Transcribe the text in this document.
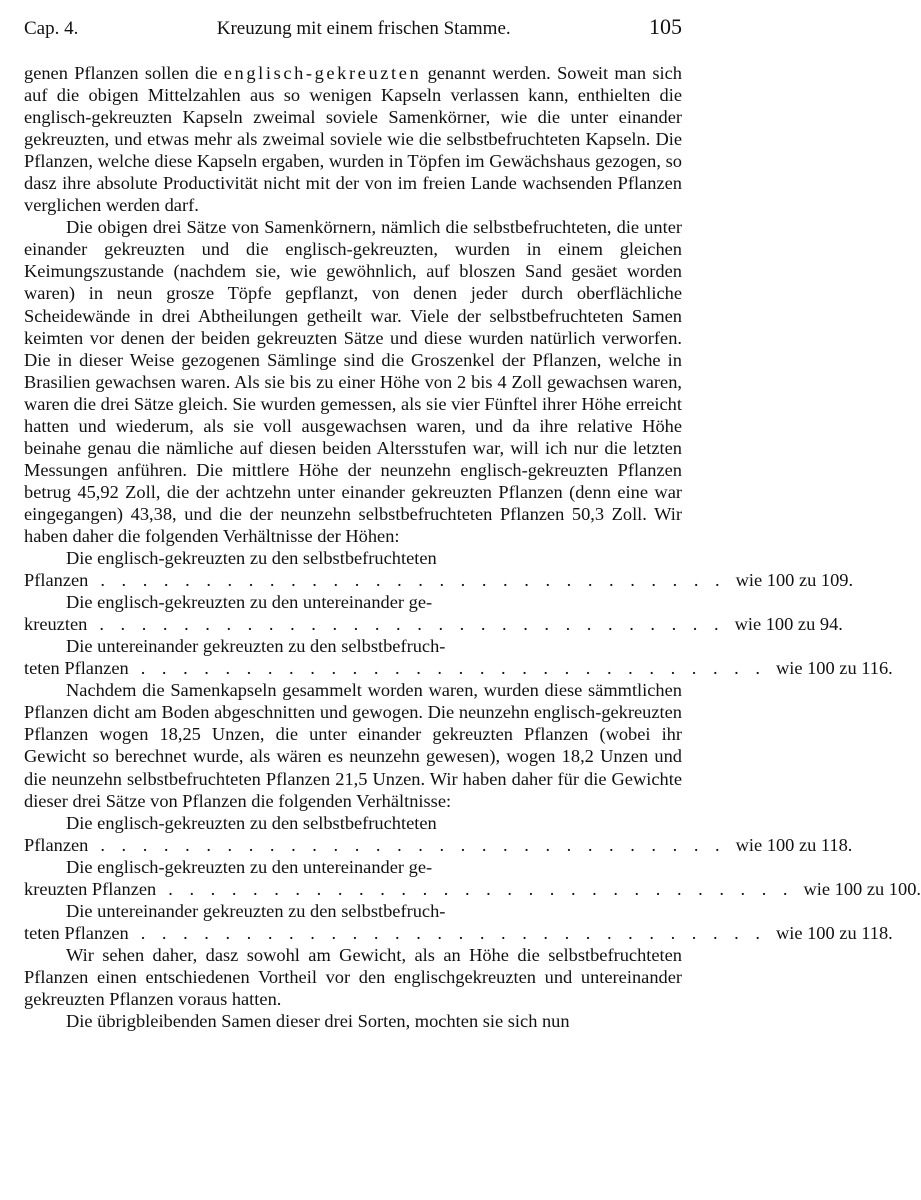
Cap. 4.	Kreuzung mit einem frischen Stamme.	105

genen Pflanzen sollen die englisch-gekreuzten genannt werden. Soweit man sich auf die obigen Mittelzahlen aus so wenigen Kapseln verlassen kann, enthielten die englisch-gekreuzten Kapseln zweimal soviele Samenkörner, wie die unter einander gekreuzten, und etwas mehr als zweimal soviele wie die selbstbefruchteten Kapseln. Die Pflanzen, welche diese Kapseln ergaben, wurden in Töpfen im Gewächshaus gezogen, so dasz ihre absolute Productivität nicht mit der von im freien Lande wachsenden Pflanzen verglichen werden darf.

Die obigen drei Sätze von Samenkörnern, nämlich die selbstbefruchteten, die unter einander gekreuzten und die englisch-gekreuzten, wurden in einem gleichen Keimungszustande (nachdem sie, wie gewöhnlich, auf bloszen Sand gesäet worden waren) in neun grosze Töpfe gepflanzt, von denen jeder durch oberflächliche Scheidewände in drei Abtheilungen getheilt war. Viele der selbstbefruchteten Samen keimten vor denen der beiden gekreuzten Sätze und diese wurden natürlich verworfen. Die in dieser Weise gezogenen Sämlinge sind die Groszenkel der Pflanzen, welche in Brasilien gewachsen waren. Als sie bis zu einer Höhe von 2 bis 4 Zoll gewachsen waren, waren die drei Sätze gleich. Sie wurden gemessen, als sie vier Fünftel ihrer Höhe erreicht hatten und wiederum, als sie voll ausgewachsen waren, und da ihre relative Höhe beinahe genau die nämliche auf diesen beiden Altersstufen war, will ich nur die letzten Messungen anführen. Die mittlere Höhe der neunzehn englisch-gekreuzten Pflanzen betrug 45,92 Zoll, die der achtzehn unter einander gekreuzten Pflanzen (denn eine war eingegangen) 43,38, und die der neunzehn selbstbefruchteten Pflanzen 50,3 Zoll. Wir haben daher die folgenden Verhältnisse der Höhen:

Die englisch-gekreuzten zu den selbstbefruchteten
Pflanzen . . . . . . . . . . . . . . . . . . . . . . . . . . . . . . wie 100 zu 109.
Die englisch-gekreuzten zu den untereinander ge-
kreuzten . . . . . . . . . . . . . . . . . . . . . . . . . . . . . . wie 100 zu 94.
Die untereinander gekreuzten zu den selbstbefruch-
teten Pflanzen . . . . . . . . . . . . . . . . . . . . . . . . . . . . . . wie 100 zu 116.

Nachdem die Samenkapseln gesammelt worden waren, wurden diese sämmtlichen Pflanzen dicht am Boden abgeschnitten und gewogen. Die neunzehn englisch-gekreuzten Pflanzen wogen 18,25 Unzen, die unter einander gekreuzten Pflanzen (wobei ihr Gewicht so berechnet wurde, als wären es neunzehn gewesen), wogen 18,2 Unzen und die neunzehn selbstbefruchteten Pflanzen 21,5 Unzen. Wir haben daher für die Gewichte dieser drei Sätze von Pflanzen die folgenden Verhältnisse:

Die englisch-gekreuzten zu den selbstbefruchteten
Pflanzen . . . . . . . . . . . . . . . . . . . . . . . . . . . . . . wie 100 zu 118.
Die englisch-gekreuzten zu den untereinander ge-
kreuzten Pflanzen . . . . . . . . . . . . . . . . . . . . . . . . . . . . . . wie 100 zu 100.
Die untereinander gekreuzten zu den selbstbefruch-
teten Pflanzen . . . . . . . . . . . . . . . . . . . . . . . . . . . . . . wie 100 zu 118.

Wir sehen daher, dasz sowohl am Gewicht, als an Höhe die selbstbefruchteten Pflanzen einen entschiedenen Vortheil vor den englischgekreuzten und untereinander gekreuzten Pflanzen voraus hatten.

Die übrigbleibenden Samen dieser drei Sorten, mochten sie sich nun
